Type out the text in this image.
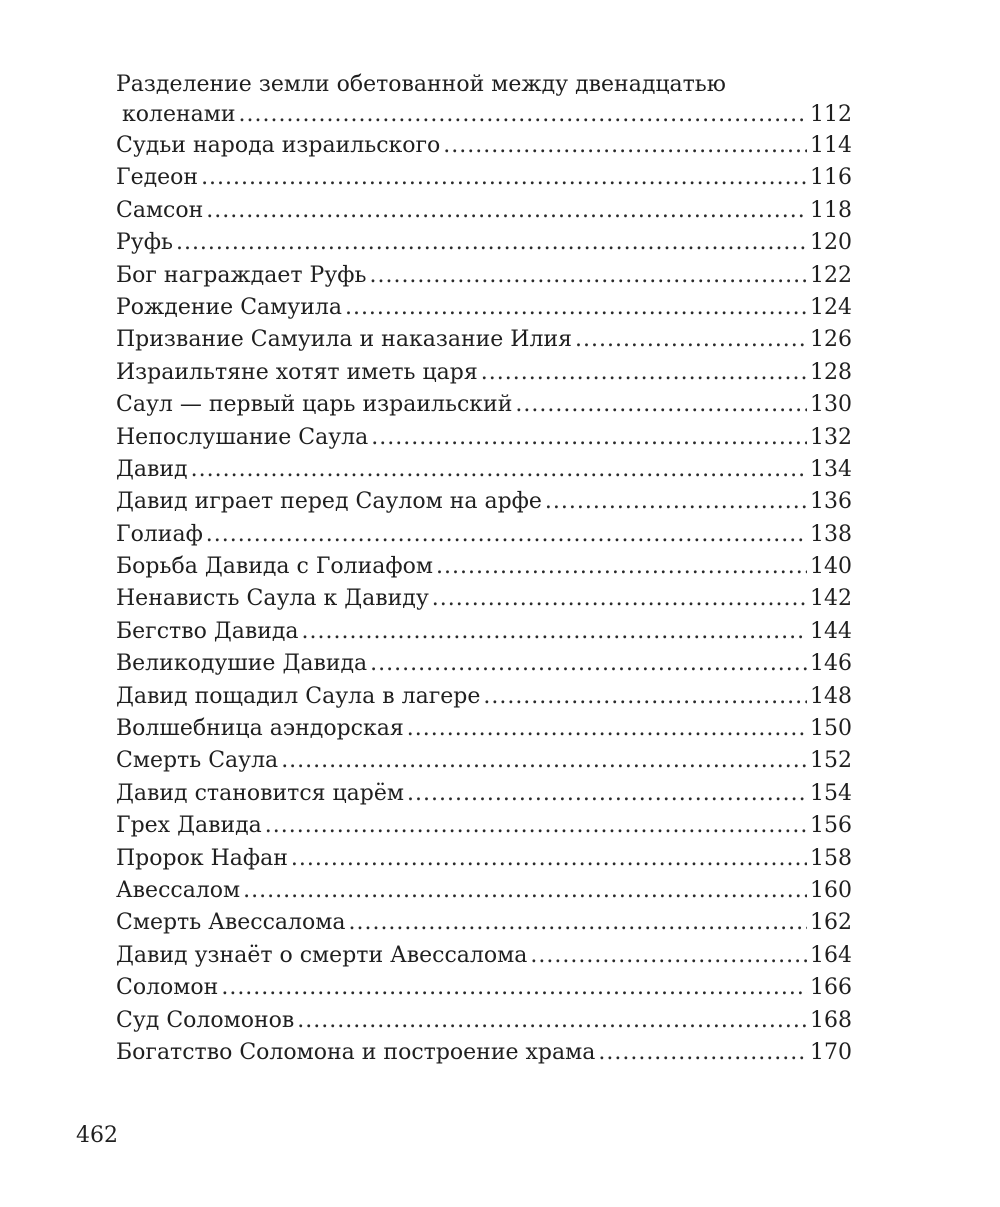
Разделение земли обетованной между двенадцатью
коленами .....	112
Судьи народа израильского .....	114
Гедеон .....	116
Самсон .....	118
Руфь .....	120
Бог награждает Руфь .....	122
Рождение Самуила .....	124
Призвание Самуила и наказание Илия .....	126
Израильтяне хотят иметь царя .....	128
Саул — первый царь израильский .....	130
Непослушание Саула .....	132
Давид .....	134
Давид играет перед Саулом на арфе .....	136
Голиаф .....	138
Борьба Давида с Голиафом .....	140
Ненависть Саула к Давиду .....	142
Бегство Давида .....	144
Великодушие Давида .....	146
Давид пощадил Саула в лагере .....	148
Волшебница аэндорская .....	150
Смерть Саула .....	152
Давид становится царём .....	154
Грех Давида .....	156
Пророк Нафан .....	158
Авессалом .....	160
Смерть Авессалома .....	162
Давид узнаёт о смерти Авессалома .....	164
Соломон .....	166
Суд Соломонов .....	168
Богатство Соломона и построение храма .....	170
462
